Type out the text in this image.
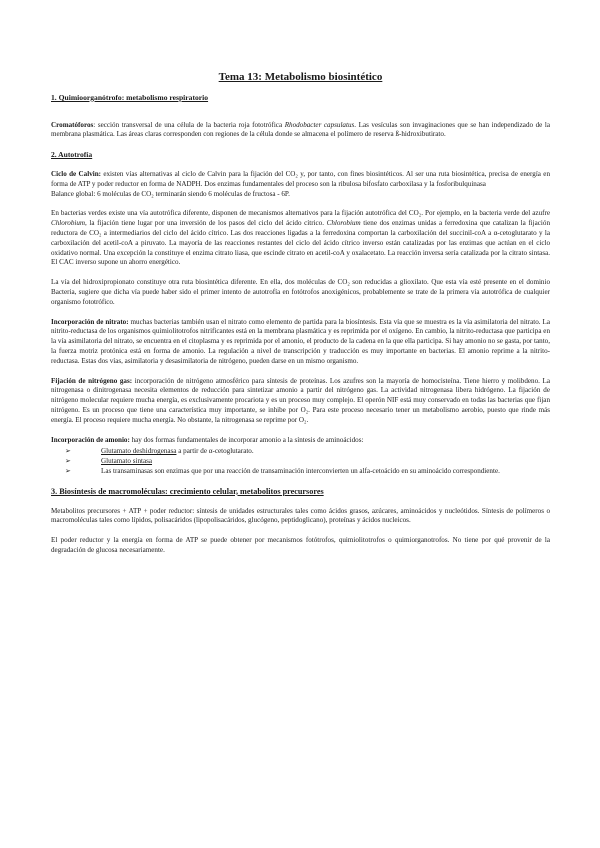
Tema 13: Metabolismo biosintético

1. Quimioorganótrofo: metabolismo respiratorio

Cromatóforos: sección transversal de una célula de la bacteria roja fototrófica Rhodobacter capsulatus. Las vesículas son invaginaciones que se han independizado de la membrana plasmática. Las áreas claras corresponden con regiones de la célula donde se almacena el polímero de reserva ß-hidroxibutirato.

2. Autotrofía

Ciclo de Calvin: existen vías alternativas al ciclo de Calvin para la fijación del CO₂ y, por tanto, con fines biosintéticos. Al ser una ruta biosintética, precisa de energía en forma de ATP y poder reductor en forma de NADPH. Dos enzimas fundamentales del proceso son la ribulosa bifosfato carboxilasa y la fosforibulquinasa

Balance global: 6 moléculas de CO₂ terminarán siendo 6 moléculas de fructosa - 6P.

En bacterias verdes existe una vía autotrófica diferente, disponen de mecanismos alternativos para la fijación autotrófica del CO₂. Por ejemplo, en la bacteria verde del azufre Chlorobium, la fijación tiene lugar por una inversión de los pasos del ciclo del ácido cítrico. Chlorobium tiene dos enzimas unidas a ferredoxina que catalizan la fijación reductora de CO₂ a intermediarios del ciclo del ácido cítrico. Las dos reacciones ligadas a la ferredoxina comportan la carboxilación del succinil-coA a α-cetoglutarato y la carboxilación del acetil-coA a piruvato. La mayoría de las reacciones restantes del ciclo del ácido cítrico inverso están catalizadas por las enzimas que actúan en el ciclo oxidativo normal. Una excepción la constituye el enzima citrato liasa, que escinde citrato en acetil-coA y oxalacetato. La reacción inversa sería catalizada por la citrato sintasa. El CAC inverso supone un ahorro energético.

La vía del hidroxipropionato constituye otra ruta biosintética diferente. En ella, dos moléculas de CO₂ son reducidas a glioxilato. Que esta vía esté presente en el dominio Bacteria, sugiere que dicha vía puede haber sido el primer intento de autotrofía en fotótrofos anoxigénicos, probablemente se trate de la primera vía autotrófica de cualquier organismo fototrófico.

Incorporación de nitrato: muchas bacterias también usan el nitrato como elemento de partida para la biosíntesis. Esta vía que se muestra es la vía asimilatoria del nitrato. La nitrito-reductasa de los organismos quimiolitotrofos nitrificantes está en la membrana plasmática y es reprimida por el oxígeno. En cambio, la nitrito-reductasa que participa en la vía asimilatoria del nitrato, se encuentra en el citoplasma y es reprimida por el amonio, el producto de la cadena en la que ella participa. Si hay amonio no se gasta, por tanto, la fuerza motriz protónica está en forma de amonio. La regulación a nivel de transcripción y traducción es muy importante en bacterias. El amonio reprime a la nitrito-reductasa. Estas dos vías, asimilatoria y desasimilatoria de nitrógeno, pueden darse en un mismo organismo.

Fijación de nitrógeno gas: incorporación de nitrógeno atmosférico para síntesis de proteínas. Los azufres son la mayoría de homocisteína. Tiene hierro y molibdeno. La nitrogenasa o dinitrogenasa necesita elementos de reducción para sintetizar amonio a partir del nitrógeno gas. La actividad nitrogenasa libera hidrógeno. La fijación de nitrógeno molecular requiere mucha energía, es exclusivamente procariota y es un proceso muy complejo. El operón NIF está muy conservado en todas las bacterias que fijan nitrógeno. Es un proceso que tiene una característica muy importante, se inhibe por O₂. Para este proceso necesario tener un metabolismo aerobio, puesto que rinde más energía. El proceso requiere mucha energía. No obstante, la nitrogenasa se reprime por O₂.

Incorporación de amonio: hay dos formas fundamentales de incorporar amonio a la síntesis de aminoácidos:

➢	Glutamato deshidrogenasa a partir de α-cetoglutarato.
➢	Glutamato sintasa
➢	Las transaminasas son enzimas que por una reacción de transaminación interconvierten un alfa-cetoácido en su aminoácido correspondiente.

3. Biosíntesis de macromoléculas: crecimiento celular, metabolitos precursores

Metabolitos precursores + ATP + poder reductor: síntesis de unidades estructurales tales como ácidos grasos, azúcares, aminoácidos y nucleótidos. Síntesis de polímeros o macromoléculas tales como lípidos, polisacáridos (lipopolisacáridos, glucógeno, peptidoglicano), proteínas y ácidos nucleicos.

El poder reductor y la energía en forma de ATP se puede obtener por mecanismos fotótrofos, quimiolitotrofos o quimiorganotrofos. No tiene por qué provenir de la degradación de glucosa necesariamente.
